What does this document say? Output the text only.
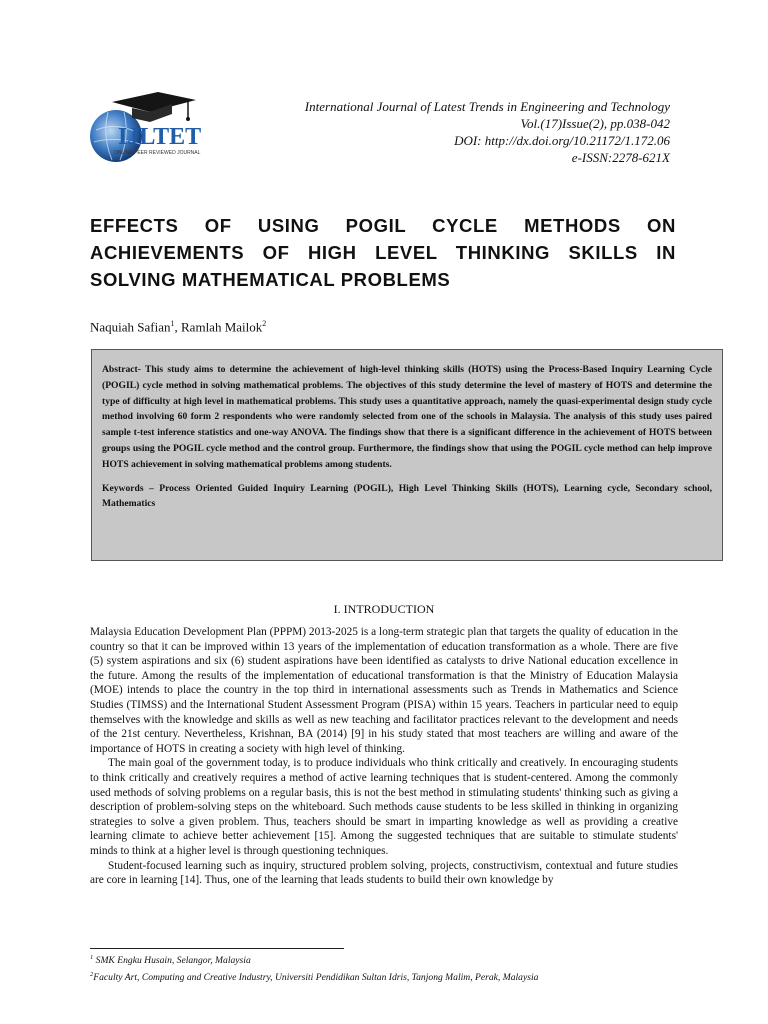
IJLTET
ONLINE PEER REVIEWED JOURNAL
International Journal of Latest Trends in Engineering and Technology
Vol.(17)Issue(2), pp.038-042
DOI: http://dx.doi.org/10.21172/1.172.06
e-ISSN:2278-621X
EFFECTS OF USING POGIL CYCLE METHODS ON
ACHIEVEMENTS OF HIGH LEVEL THINKING SKILLS IN
SOLVING MATHEMATICAL PROBLEMS
Naquiah Safian$^1$, Ramlah Mailok$^2$

Abstract- This study aims to determine the achievement of high-level thinking skills (HOTS) using the Process-Based Inquiry Learning Cycle (POGIL) cycle method in solving mathematical problems. The objectives of this study determine the level of mastery of HOTS and determine the type of difficulty at high level in mathematical problems. This study uses a quantitative approach, namely the quasi-experimental design study cycle method involving 60 form 2 respondents who were randomly selected from one of the schools in Malaysia. The analysis of this study uses paired sample t-test inference statistics and one-way ANOVA. The findings show that there is a significant difference in the achievement of HOTS between groups using the POGIL cycle method and the control group. Furthermore, the findings show that using the POGIL cycle method can help improve HOTS achievement in solving mathematical problems among students.

Keywords – Process Oriented Guided Inquiry Learning (POGIL), High Level Thinking Skills (HOTS), Learning cycle, Secondary school, Mathematics

I. INTRODUCTION

Malaysia Education Development Plan (PPPM) 2013-2025 is a long-term strategic plan that targets the quality of education in the country so that it can be improved within 13 years of the implementation of education transformation as a whole. There are five (5) system aspirations and six (6) student aspirations have been identified as catalysts to drive National education excellence in the future. Among the results of the implementation of educational transformation is that the Ministry of Education Malaysia (MOE) intends to place the country in the top third in international assessments such as Trends in Mathematics and Science Studies (TIMSS) and the International Student Assessment Program (PISA) within 15 years. Teachers in particular need to equip themselves with the knowledge and skills as well as new teaching and facilitator practices relevant to the development and needs of the 21st century. Nevertheless, Krishnan, BA (2014) [9] in his study stated that most teachers are willing and aware of the importance of HOTS in creating a society with high level of thinking.

The main goal of the government today, is to produce individuals who think critically and creatively. In encouraging students to think critically and creatively requires a method of active learning techniques that is student-centered. Among the commonly used methods of solving problems on a regular basis, this is not the best method in stimulating students' thinking such as giving a description of problem-solving steps on the whiteboard. Such methods cause students to be less skilled in thinking in organizing strategies to solve a given problem. Thus, teachers should be smart in imparting knowledge as well as providing a creative learning climate to achieve better achievement [15]. Among the suggested techniques that are suitable to stimulate students' minds to think at a higher level is through questioning techniques.

Student-focused learning such as inquiry, structured problem solving, projects, constructivism, contextual and future studies are core in learning [14]. Thus, one of the learning that leads students to build their own knowledge by

$^1$ SMK Engku Husain, Selangor, Malaysia
$^2$Faculty Art, Computing and Creative Industry, Universiti Pendidikan Sultan Idris, Tanjong Malim, Perak, Malaysia
